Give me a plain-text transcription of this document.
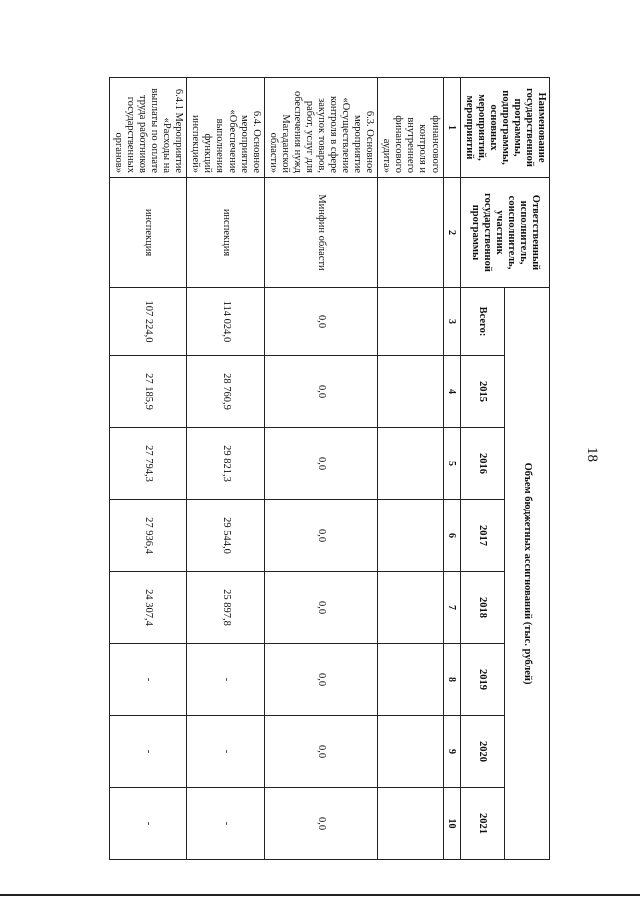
18
Наименование государственной программы, подпрограммы, основных мероприятий, мероприятий	Ответственный исполнитель, соисполнитель, участник государственной программы	Объем бюджетных ассигнований (тыс. рублей)							
		Всего:	2015	2016	2017	2018	2019	2020	2021
1	2	3	4	5	6	7	8	9	10
финансового контроля и внутреннего финансового аудита»									
6.3. Основное мероприятие «Осуществление контроля в сфере закупок товаров, работ, услуг для обеспечения нужд Магаданской области»	Минфин области	0,0	0,0	0,0	0,0	0,0	0,0	0,0	0,0
6.4. Основное мероприятие «Обеспечение выполнения функций инспекцией»	инспекция	114 024,0	28 760,9	29 821,3	29 544,0	25 897,8	-	-	-
6.4.1 Мероприятие «Расходы на выплаты по оплате труда работников государственных органов»	инспекция	107 224,0	27 185,9	27 794,3	27 936,4	24 307,4	-	-	-
